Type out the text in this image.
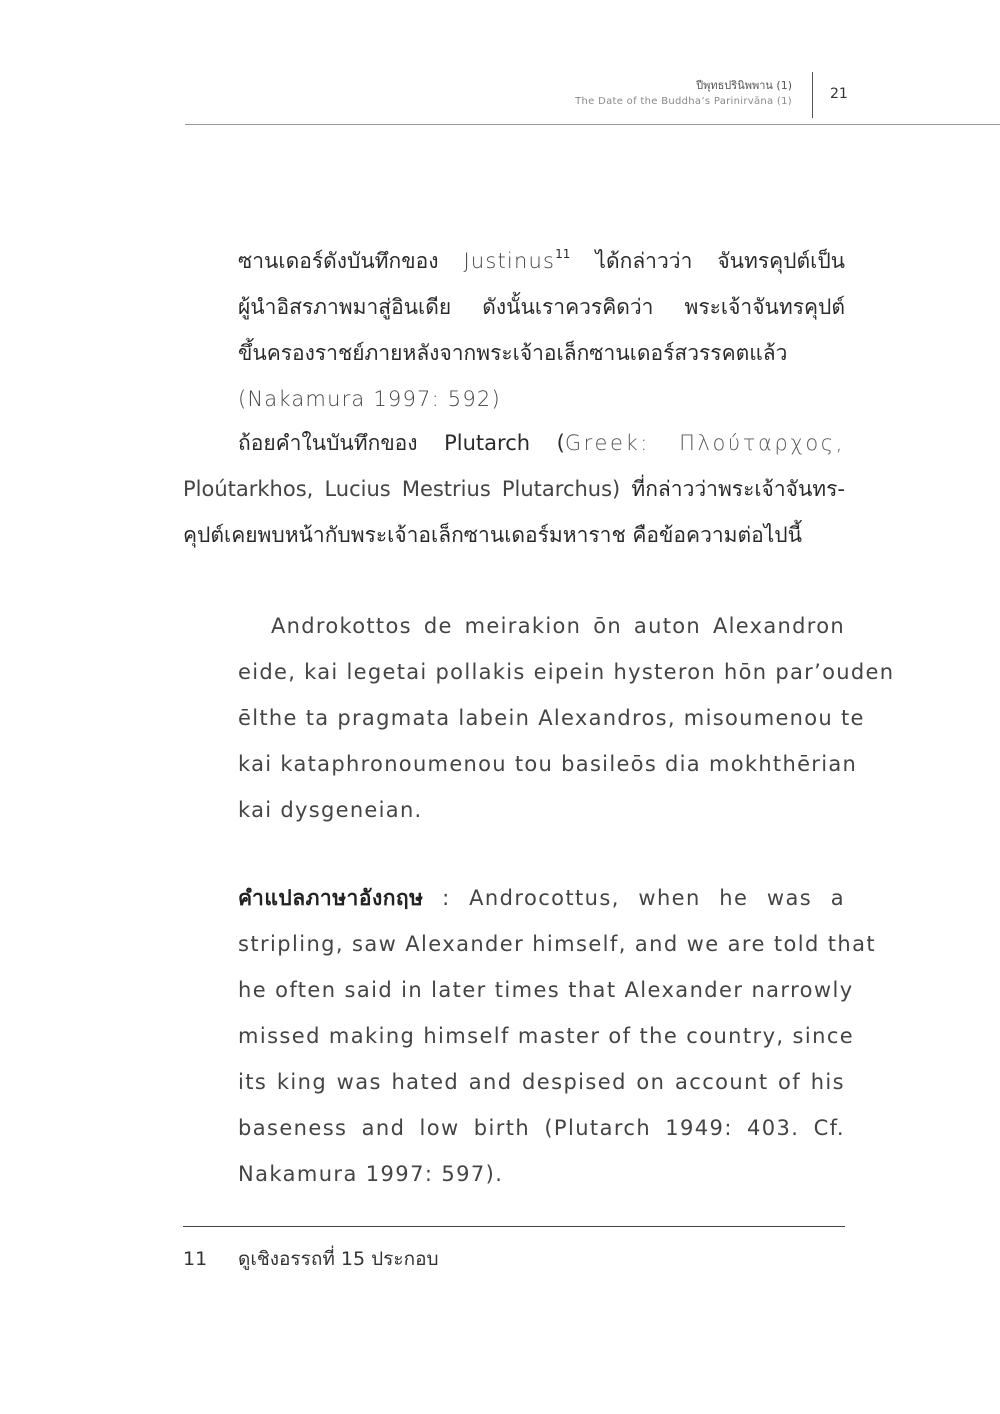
ปีพุทธปรินิพพาน (1)
The Date of the Buddha’s Parinirvāna (1)	21
ซานเดอร์ดังบันทึกของ Justinus$^{11}$ ได้กล่าวว่า จันทรคุปต์เป็น
ผู้นำอิสรภาพมาสู่อินเดีย ดังนั้นเราควรคิดว่า พระเจ้าจันทรคุปต์
ขึ้นครองราชย์ภายหลังจากพระเจ้าอเล็กซานเดอร์สวรรคตแล้ว
(Nakamura 1997: 592)
ถ้อยคำในบันทึกของ Plutarch (Greek: Πλούταρχος,
Ploútarkhos, Lucius Mestrius Plutarchus) ที่กล่าวว่าพระเจ้าจันทร-
คุปต์เคยพบหน้ากับพระเจ้าอเล็กซานเดอร์มหาราช คือข้อความต่อไปนี้
Androkottos de meirakion ōn auton Alexandron
eide, kai legetai pollakis eipein hysteron hōn par’ouden
ēlthe ta pragmata labein Alexandros, misoumenou te
kai kataphronoumenou tou basileōs dia mokhthērian
kai dysgeneian.
คำแปลภาษาอังกฤษ : Androcottus, when he was a
stripling, saw Alexander himself, and we are told that
he often said in later times that Alexander narrowly
missed making himself master of the country, since
its king was hated and despised on account of his
baseness and low birth (Plutarch 1949: 403. Cf.
Nakamura 1997: 597).
11 ดูเชิงอรรถที่ 15 ประกอบ
